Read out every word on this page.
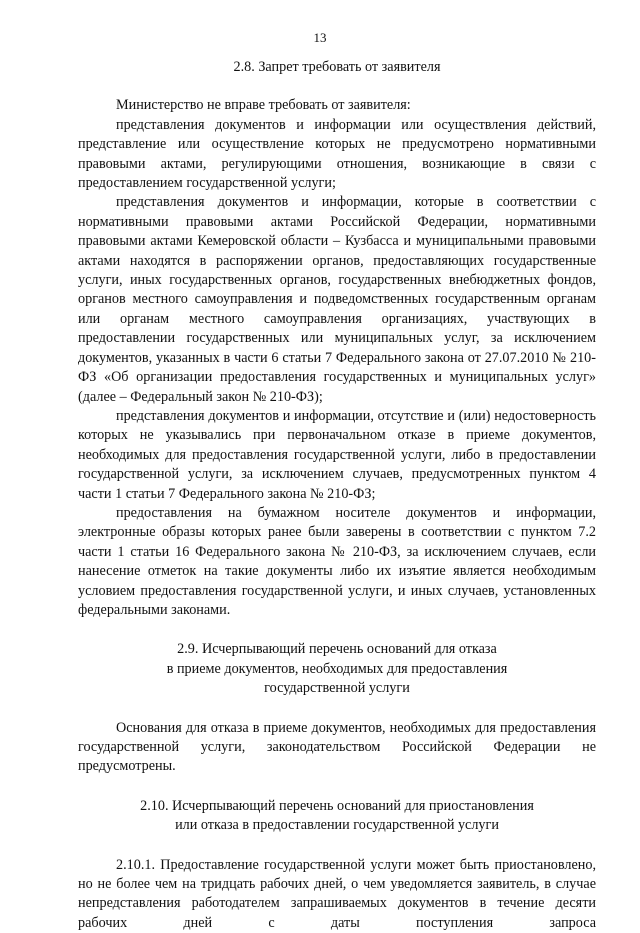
13
2.8. Запрет требовать от заявителя

Министерство не вправе требовать от заявителя:

представления документов и информации или осуществления действий, представление или осуществление которых не предусмотрено нормативными правовыми актами, регулирующими отношения, возникающие в связи с предоставлением государственной услуги;

представления документов и информации, которые в соответствии с нормативными правовыми актами Российской Федерации, нормативными правовыми актами Кемеровской области – Кузбасса и муниципальными правовыми актами находятся в распоряжении органов, предоставляющих государственные услуги, иных государственных органов, государственных внебюджетных фондов, органов местного самоуправления и подведомственных государственным органам или органам местного самоуправления организациях, участвующих в предоставлении государственных или муниципальных услуг, за исключением документов, указанных в части 6 статьи 7 Федерального закона от 27.07.2010 № 210-ФЗ «Об организации предоставления государственных и муниципальных услуг» (далее – Федеральный закон № 210-ФЗ);

представления документов и информации, отсутствие и (или) недостоверность которых не указывались при первоначальном отказе в приеме документов, необходимых для предоставления государственной услуги, либо в предоставлении государственной услуги, за исключением случаев, предусмотренных пунктом 4 части 1 статьи 7 Федерального закона № 210-ФЗ;

предоставления на бумажном носителе документов и информации, электронные образы которых ранее были заверены в соответствии с пунктом 7.2 части 1 статьи 16 Федерального закона № 210-ФЗ, за исключением случаев, если нанесение отметок на такие документы либо их изъятие является необходимым условием предоставления государственной услуги, и иных случаев, установленных федеральными законами.

2.9. Исчерпывающий перечень оснований для отказа
в приеме документов, необходимых для предоставления
государственной услуги

Основания для отказа в приеме документов, необходимых для предоставления государственной услуги, законодательством Российской Федерации не предусмотрены.

2.10. Исчерпывающий перечень оснований для приостановления
или отказа в предоставлении государственной услуги

2.10.1. Предоставление государственной услуги может быть приостановлено, но не более чем на тридцать рабочих дней, о чем уведомляется заявитель, в случае непредставления работодателем запрашиваемых документов в течение десяти рабочих дней с даты поступления запроса
